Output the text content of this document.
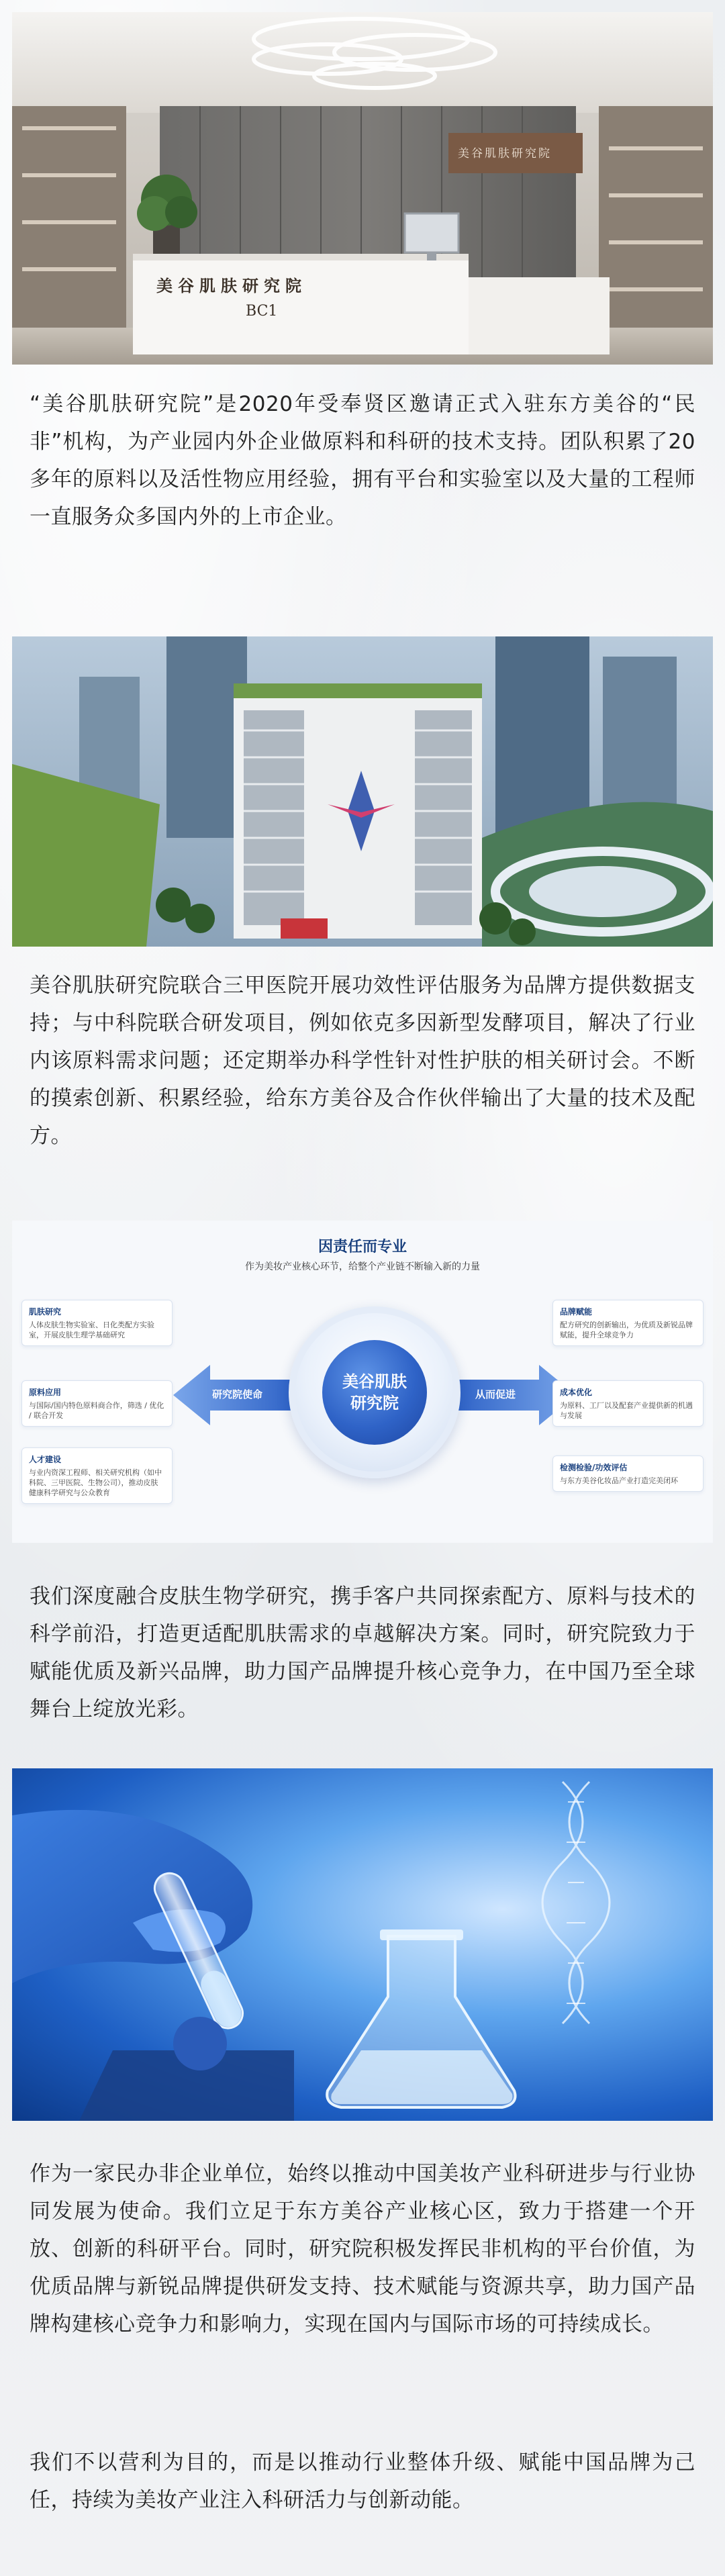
美谷肌肤研究院
BC1
美谷肌肤研究院

“美谷肌肤研究院”是2020年受奉贤区邀请正式入驻东方美谷的“民非”机构，为产业园内外企业做原料和科研的技术支持。团队积累了20多年的原料以及活性物应用经验，拥有平台和实验室以及大量的工程师一直服务众多国内外的上市企业。

美谷肌肤研究院联合三甲医院开展功效性评估服务为品牌方提供数据支持；与中科院联合研发项目，例如依克多因新型发酵项目，解决了行业内该原料需求问题；还定期举办科学性针对性护肤的相关研讨会。不断的摸索创新、积累经验，给东方美谷及合作伙伴输出了大量的技术及配方。

因责任而专业
作为美妆产业核心环节，给整个产业链不断输入新的力量
研究院使命	从而促进
美谷肌肤
研究院
肌肤研究
人体皮肤生物实验室、日化类配方实验室，开展皮肤生理学基础研究
原料应用
与国际/国内特色原料商合作，筛选 / 优化 / 联合开发
人才建设
与业内资深工程师、相关研究机构（如中科院、三甲医院、生物公司），推动皮肤健康科学研究与公众教育
品牌赋能
配方研究的创新输出，为优质及新锐品牌赋能，提升全球竞争力
成本优化
为原料、工厂以及配套产业提供新的机遇与发展
检测检验/功效评估
与东方美谷化妆品产业打造完美闭环

我们深度融合皮肤生物学研究，携手客户共同探索配方、原料与技术的科学前沿，打造更适配肌肤需求的卓越解决方案。同时，研究院致力于赋能优质及新兴品牌，助力国产品牌提升核心竞争力，在中国乃至全球舞台上绽放光彩。

作为一家民办非企业单位，始终以推动中国美妆产业科研进步与行业协同发展为使命。我们立足于东方美谷产业核心区，致力于搭建一个开放、创新的科研平台。同时，研究院积极发挥民非机构的平台价值，为优质品牌与新锐品牌提供研发支持、技术赋能与资源共享，助力国产品牌构建核心竞争力和影响力，实现在国内与国际市场的可持续成长。

我们不以营利为目的，而是以推动行业整体升级、赋能中国品牌为己任，持续为美妆产业注入科研活力与创新动能。
